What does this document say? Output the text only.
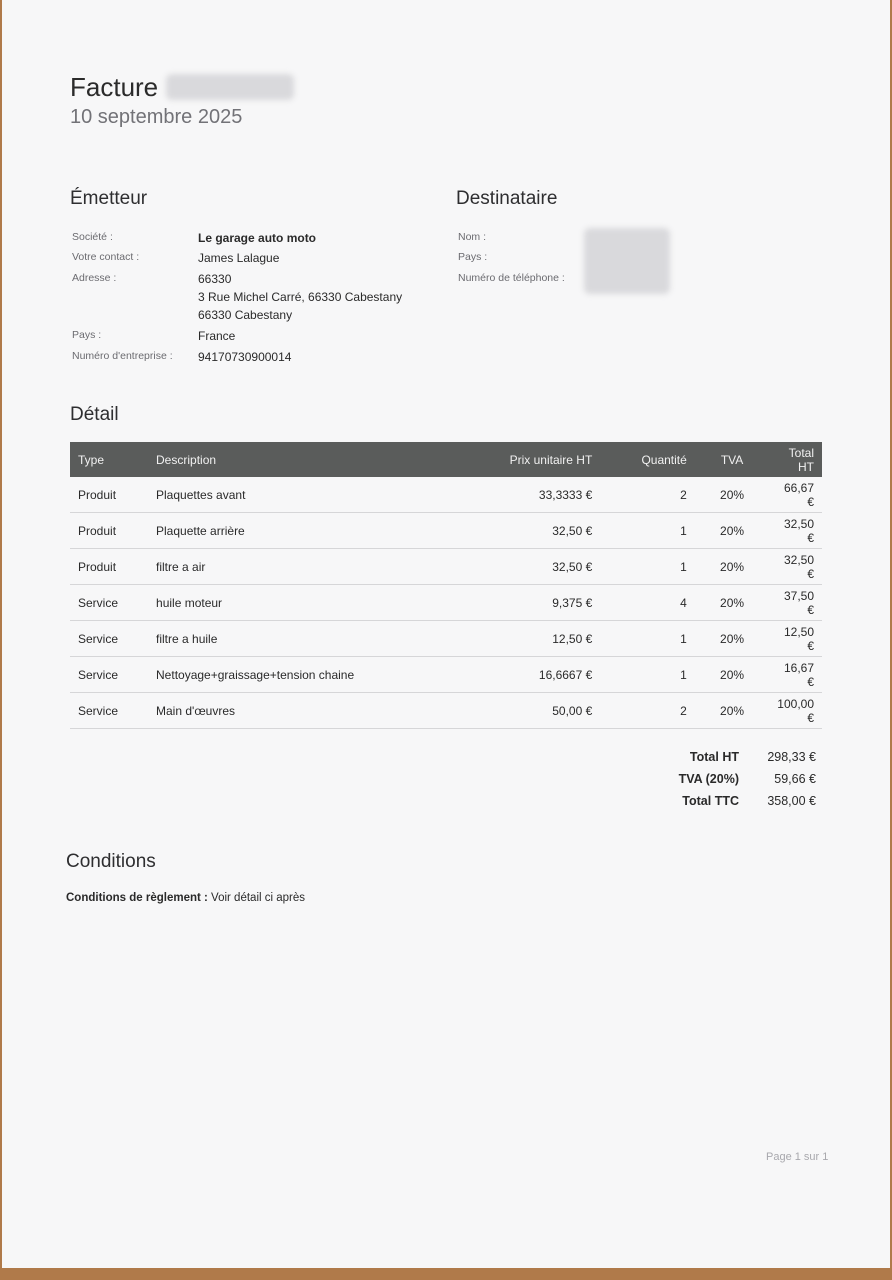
Facture
10 septembre 2025
Émetteur
Société :	Le garage auto moto
Votre contact :	James Lalague
Adresse :	66330
3 Rue Michel Carré, 66330 Cabestany
66330 Cabestany
Pays :	France
Numéro d'entreprise : 94170730900014
Destinataire
Nom :
Pays :
Numéro de téléphone :
Détail
Type	Description	Prix unitaire HT	Quantité	TVA	Total HT
Produit	Plaquettes avant	33,3333 €	2	20%	66,67 €
Produit	Plaquette arrière	32,50 €	1	20%	32,50 €
Produit	filtre a air	32,50 €	1	20%	32,50 €
Service	huile moteur	9,375 €	4	20%	37,50 €
Service	filtre a huile	12,50 €	1	20%	12,50 €
Service	Nettoyage+graissage+tension chaine	16,6667 €	1	20%	16,67 €
Service	Main d'œuvres	50,00 €	2	20%	100,00 €
Total HT	298,33 €
TVA (20%)	59,66 €
Total TTC	358,00 €
Conditions
Conditions de règlement : Voir détail ci après
Page 1 sur 1
